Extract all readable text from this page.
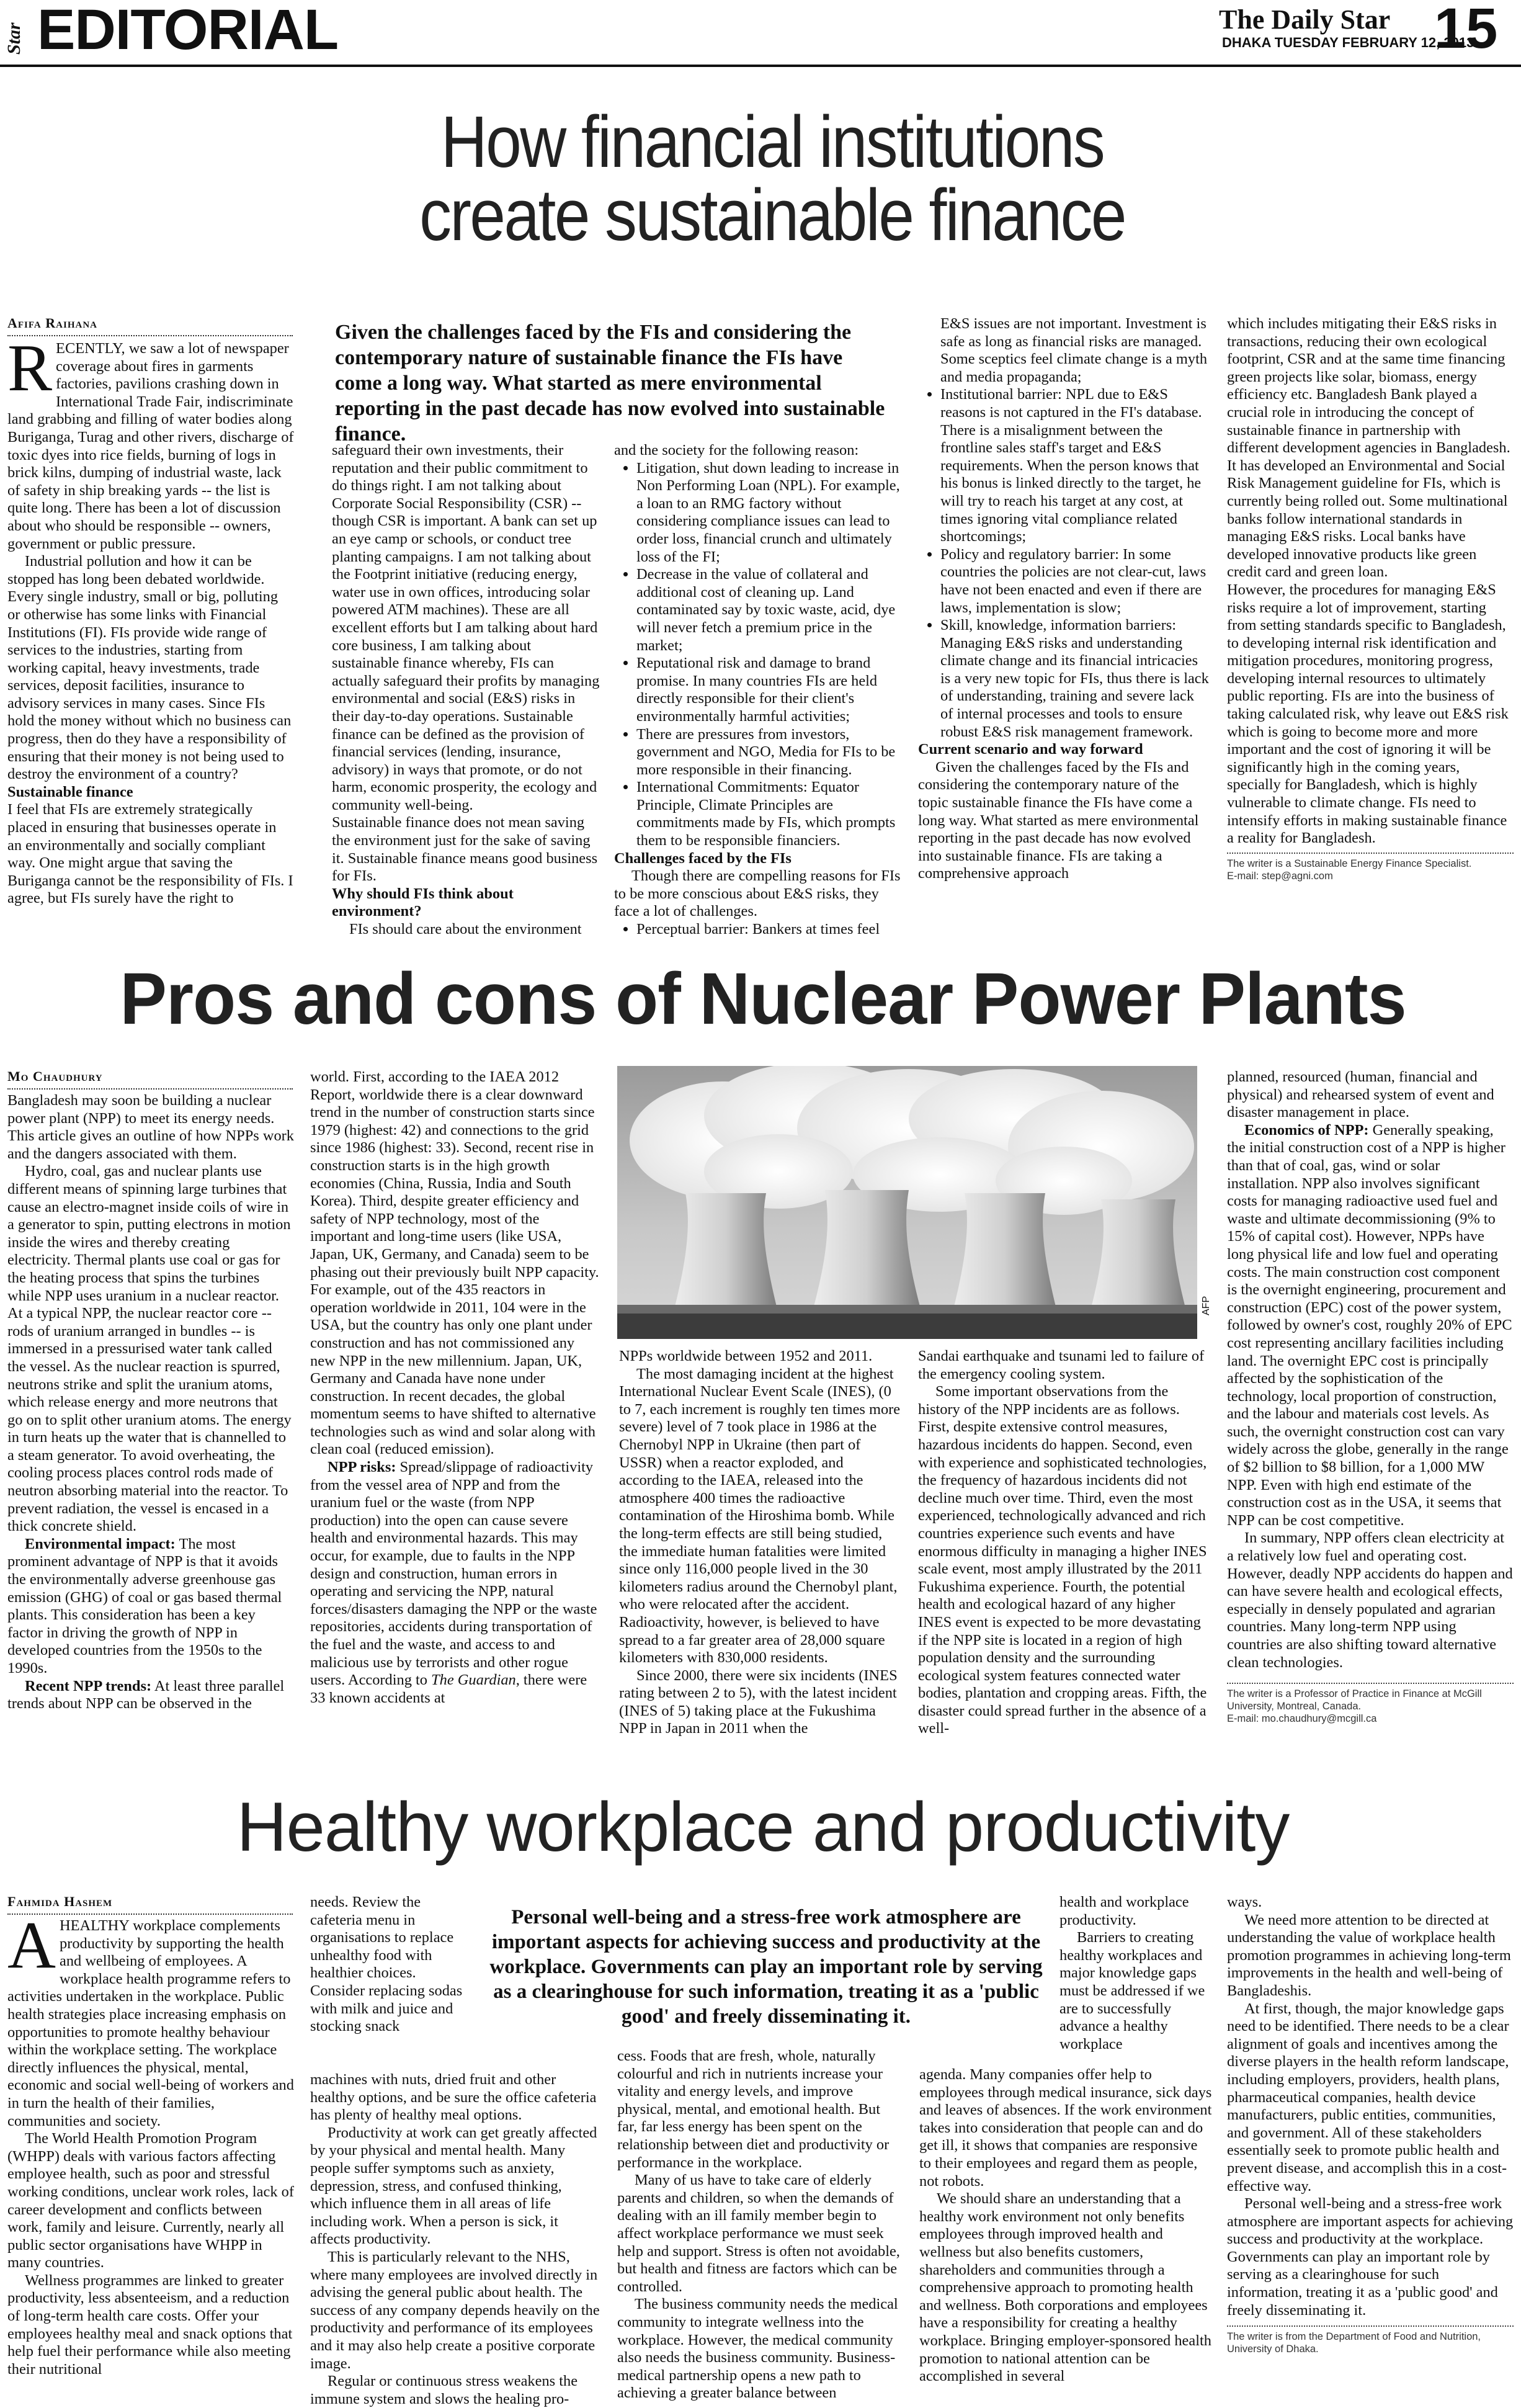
Star EDITORIAL	The Daily Star
DHAKA TUESDAY FEBRUARY 12, 2013
15
How financial institutions create sustainable finance
Afifa Raihana
R ECENTLY, we saw a lot of newspaper coverage about fires in garments factories, pavilions crashing down in International Trade Fair, indiscriminate land grabbing and filling of water bodies along Buriganga, Turag and other rivers, discharge of toxic dyes into rice fields, burning of logs in brick kilns, dumping of industrial waste, lack of safety in ship breaking yards -- the list is quite long. There has been a lot of discussion about who should be responsible -- owners, government or public pressure.

Industrial pollution and how it can be stopped has long been debated worldwide. Every single industry, small or big, polluting or otherwise has some links with Financial Institutions (FI). FIs provide wide range of services to the industries, starting from working capital, heavy investments, trade services, deposit facilities, insurance to advisory services in many cases. Since FIs hold the money without which no business can progress, then do they have a responsibility of ensuring that their money is not being used to destroy the environment of a country?

Sustainable finance

I feel that FIs are extremely strategically placed in ensuring that businesses operate in an environmentally and socially compliant way. One might argue that saving the Buriganga cannot be the responsibility of FIs. I agree, but FIs surely have the right to

Given the challenges faced by the FIs and considering the contemporary nature of sustainable finance the FIs have come a long way. What started as mere environmental reporting in the past decade has now evolved into sustainable finance.

safeguard their own investments, their reputation and their public commitment to do things right. I am not talking about Corporate Social Responsibility (CSR) -- though CSR is important. A bank can set up an eye camp or schools, or conduct tree planting campaigns. I am not talking about the Footprint initiative (reducing energy, water use in own offices, introducing solar powered ATM machines). These are all excellent efforts but I am talking about hard core business, I am talking about sustainable finance whereby, FIs can actually safeguard their profits by managing environmental and social (E&S) risks in their day-to-day operations. Sustainable finance can be defined as the provision of financial services (lending, insurance, advisory) in ways that promote, or do not harm, economic prosperity, the ecology and community well-being.

Sustainable finance does not mean saving the environment just for the sake of saving it. Sustainable finance means good business for FIs.

Why should FIs think about environment?

FIs should care about the environment

and the society for the following reason:

• Litigation, shut down leading to increase in Non Performing Loan (NPL). For example, a loan to an RMG factory without considering compliance issues can lead to order loss, financial crunch and ultimately loss of the FI;
• Decrease in the value of collateral and additional cost of cleaning up. Land contaminated say by toxic waste, acid, dye will never fetch a premium price in the market;
• Reputational risk and damage to brand promise. In many countries FIs are held directly responsible for their client's environmentally harmful activities;
• There are pressures from investors, government and NGO, Media for FIs to be more responsible in their financing.
• International Commitments: Equator Principle, Climate Principles are commitments made by FIs, which prompts them to be responsible financiers.
Challenges faced by the FIs

Though there are compelling reasons for FIs to be more conscious about E&S risks, they face a lot of challenges.

• Perceptual barrier: Bankers at times feel

E&S issues are not important. Investment is safe as long as financial risks are managed. Some sceptics feel climate change is a myth and media propaganda;

• Institutional barrier: NPL due to E&S reasons is not captured in the FI's database. There is a misalignment between the frontline sales staff's target and E&S requirements. When the person knows that his bonus is linked directly to the target, he will try to reach his target at any cost, at times ignoring vital compliance related shortcomings;
• Policy and regulatory barrier: In some countries the policies are not clear-cut, laws have not been enacted and even if there are laws, implementation is slow;
• Skill, knowledge, information barriers: Managing E&S risks and understanding climate change and its financial intricacies is a very new topic for FIs, thus there is lack of understanding, training and severe lack of internal processes and tools to ensure robust E&S risk management framework.
Current scenario and way forward

Given the challenges faced by the FIs and considering the contemporary nature of the topic sustainable finance the FIs have come a long way. What started as mere environmental reporting in the past decade has now evolved into sustainable finance. FIs are taking a comprehensive approach

which includes mitigating their E&S risks in transactions, reducing their own ecological footprint, CSR and at the same time financing green projects like solar, biomass, energy efficiency etc. Bangladesh Bank played a crucial role in introducing the concept of sustainable finance in partnership with different development agencies in Bangladesh. It has developed an Environmental and Social Risk Management guideline for FIs, which is currently being rolled out. Some multinational banks follow international standards in managing E&S risks. Local banks have developed innovative products like green credit card and green loan.

However, the procedures for managing E&S risks require a lot of improvement, starting from setting standards specific to Bangladesh, to developing internal risk identification and mitigation procedures, monitoring progress, developing internal resources to ultimately public reporting. FIs are into the business of taking calculated risk, why leave out E&S risk which is going to become more and more important and the cost of ignoring it will be significantly high in the coming years, specially for Bangladesh, which is highly vulnerable to climate change. FIs need to intensify efforts in making sustainable finance a reality for Bangladesh.

The writer is a Sustainable Energy Finance Specialist.
E-mail: step@agni.com
Pros and cons of Nuclear Power Plants
Mo Chaudhury

Bangladesh may soon be building a nuclear power plant (NPP) to meet its energy needs. This article gives an outline of how NPPs work and the dangers associated with them.

Hydro, coal, gas and nuclear plants use different means of spinning large turbines that cause an electro-magnet inside coils of wire in a generator to spin, putting electrons in motion inside the wires and thereby creating electricity. Thermal plants use coal or gas for the heating process that spins the turbines while NPP uses uranium in a nuclear reactor. At a typical NPP, the nuclear reactor core -- rods of uranium arranged in bundles -- is immersed in a pressurised water tank called the vessel. As the nuclear reaction is spurred, neutrons strike and split the uranium atoms, which release energy and more neutrons that go on to split other uranium atoms. The energy in turn heats up the water that is channelled to a steam generator. To avoid overheating, the cooling process places control rods made of neutron absorbing material into the reactor. To prevent radiation, the vessel is encased in a thick concrete shield.

Environmental impact: The most prominent advantage of NPP is that it avoids the environmentally adverse greenhouse gas emission (GHG) of coal or gas based thermal plants. This consideration has been a key factor in driving the growth of NPP in developed countries from the 1950s to the 1990s.

Recent NPP trends: At least three parallel trends about NPP can be observed in the

world. First, according to the IAEA 2012 Report, worldwide there is a clear downward trend in the number of construction starts since 1979 (highest: 42) and connections to the grid since 1986 (highest: 33). Second, recent rise in construction starts is in the high growth economies (China, Russia, India and South Korea). Third, despite greater efficiency and safety of NPP technology, most of the important and long-time users (like USA, Japan, UK, Germany, and Canada) seem to be phasing out their previously built NPP capacity. For example, out of the 435 reactors in operation worldwide in 2011, 104 were in the USA, but the country has only one plant under construction and has not commissioned any new NPP in the new millennium. Japan, UK, Germany and Canada have none under construction. In recent decades, the global momentum seems to have shifted to alternative technologies such as wind and solar along with clean coal (reduced emission).

NPP risks: Spread/slippage of radioactivity from the vessel area of NPP and from the uranium fuel or the waste (from NPP production) into the open can cause severe health and environmental hazards. This may occur, for example, due to faults in the NPP design and construction, human errors in operating and servicing the NPP, natural forces/disasters damaging the NPP or the waste repositories, accidents during transportation of the fuel and the waste, and access to and malicious use by terrorists and other rogue users. According to The Guardian, there were 33 known accidents at

AFP

NPPs worldwide between 1952 and 2011.

The most damaging incident at the highest International Nuclear Event Scale (INES), (0 to 7, each increment is roughly ten times more severe) level of 7 took place in 1986 at the Chernobyl NPP in Ukraine (then part of USSR) when a reactor exploded, and according to the IAEA, released into the atmosphere 400 times the radioactive contamination of the Hiroshima bomb. While the long-term effects are still being studied, the immediate human fatalities were limited since only 116,000 people lived in the 30 kilometers radius around the Chernobyl plant, who were relocated after the accident. Radioactivity, however, is believed to have spread to a far greater area of 28,000 square kilometers with 830,000 residents.

Since 2000, there were six incidents (INES rating between 2 to 5), with the latest incident (INES of 5) taking place at the Fukushima NPP in Japan in 2011 when the

Sandai earthquake and tsunami led to failure of the emergency cooling system.

Some important observations from the history of the NPP incidents are as follows. First, despite extensive control measures, hazardous incidents do happen. Second, even with experience and sophisticated technologies, the frequency of hazardous incidents did not decline much over time. Third, even the most experienced, technologically advanced and rich countries experience such events and have enormous difficulty in managing a higher INES scale event, most amply illustrated by the 2011 Fukushima experience. Fourth, the potential health and ecological hazard of any higher INES event is expected to be more devastating if the NPP site is located in a region of high population density and the surrounding ecological system features connected water bodies, plantation and cropping areas. Fifth, the disaster could spread further in the absence of a well-

planned, resourced (human, financial and physical) and rehearsed system of event and disaster management in place.

Economics of NPP: Generally speaking, the initial construction cost of a NPP is higher than that of coal, gas, wind or solar installation. NPP also involves significant costs for managing radioactive used fuel and waste and ultimate decommissioning (9% to 15% of capital cost). However, NPPs have long physical life and low fuel and operating costs. The main construction cost component is the overnight engineering, procurement and construction (EPC) cost of the power system, followed by owner's cost, roughly 20% of EPC cost representing ancillary facilities including land. The overnight EPC cost is principally affected by the sophistication of the technology, local proportion of construction, and the labour and materials cost levels. As such, the overnight construction cost can vary widely across the globe, generally in the range of $2 billion to $8 billion, for a 1,000 MW NPP. Even with high end estimate of the construction cost as in the USA, it seems that NPP can be cost competitive.

In summary, NPP offers clean electricity at a relatively low fuel and operating cost. However, deadly NPP accidents do happen and can have severe health and ecological effects, especially in densely populated and agrarian countries. Many long-term NPP using countries are also shifting toward alternative clean technologies.

The writer is a Professor of Practice in Finance at McGill University, Montreal, Canada.
E-mail: mo.chaudhury@mcgill.ca
Healthy workplace and productivity
Fahmida Hashem
A HEALTHY workplace complements productivity by supporting the health and wellbeing of employees. A workplace health programme refers to activities undertaken in the workplace. Public health strategies place increasing emphasis on opportunities to promote healthy behaviour within the workplace setting. The workplace directly influences the physical, mental, economic and social well-being of workers and in turn the health of their families, communities and society.

The World Health Promotion Program (WHPP) deals with various factors affecting employee health, such as poor and stressful working conditions, unclear work roles, lack of career development and conflicts between work, family and leisure. Currently, nearly all public sector organisations have WHPP in many countries.

Wellness programmes are linked to greater productivity, less absenteeism, and a reduction of long-term health care costs. Offer your employees healthy meal and snack options that help fuel their performance while also meeting their nutritional

needs. Review the cafeteria menu in organisations to replace unhealthy food with healthier choices. Consider replacing sodas with milk and juice and stocking snack

machines with nuts, dried fruit and other healthy options, and be sure the office cafeteria has plenty of healthy meal options.

Productivity at work can get greatly affected by your physical and mental health. Many people suffer symptoms such as anxiety, depression, stress, and confused thinking, which influence them in all areas of life including work. When a person is sick, it affects productivity.

This is particularly relevant to the NHS, where many employees are involved directly in advising the general public about health. The success of any company depends heavily on the productivity and performance of its employees and it may also help create a positive corporate image.

Regular or continuous stress weakens the immune system and slows the healing pro-

Personal well-being and a stress-free work atmosphere are important aspects for achieving success and productivity at the workplace. Governments can play an important role by serving as a clearinghouse for such information, treating it as a 'public good' and freely disseminating it.

cess. Foods that are fresh, whole, naturally colourful and rich in nutrients increase your vitality and energy levels, and improve physical, mental, and emotional health. But far, far less energy has been spent on the relationship between diet and productivity or performance in the workplace.

Many of us have to take care of elderly parents and children, so when the demands of dealing with an ill family member begin to affect workplace performance we must seek help and support. Stress is often not avoidable, but health and fitness are factors which can be controlled.

The business community needs the medical community to integrate wellness into the workplace. However, the medical community also needs the business community. Business-medical partnership opens a new path to achieving a greater balance between

health and workplace productivity.

Barriers to creating healthy workplaces and major knowledge gaps must be addressed if we are to successfully advance a healthy workplace

agenda. Many companies offer help to employees through medical insurance, sick days and leaves of absences. If the work environment takes into consideration that people can and do get ill, it shows that companies are responsive to their employees and regard them as people, not robots.

We should share an understanding that a healthy work environment not only benefits employees through improved health and wellness but also benefits customers, shareholders and communities through a comprehensive approach to promoting health and wellness. Both corporations and employees have a responsibility for creating a healthy workplace. Bringing employer-sponsored health promotion to national attention can be accomplished in several

ways.

We need more attention to be directed at understanding the value of workplace health promotion programmes in achieving long-term improvements in the health and well-being of Bangladeshis.

At first, though, the major knowledge gaps need to be identified. There needs to be a clear alignment of goals and incentives among the diverse players in the health reform landscape, including employers, providers, health plans, pharmaceutical companies, health device manufacturers, public entities, communities, and government. All of these stakeholders essentially seek to promote public health and prevent disease, and accomplish this in a cost-effective way.

Personal well-being and a stress-free work atmosphere are important aspects for achieving success and productivity at the workplace. Governments can play an important role by serving as a clearinghouse for such information, treating it as a 'public good' and freely disseminating it.

The writer is from the Department of Food and Nutrition, University of Dhaka.
